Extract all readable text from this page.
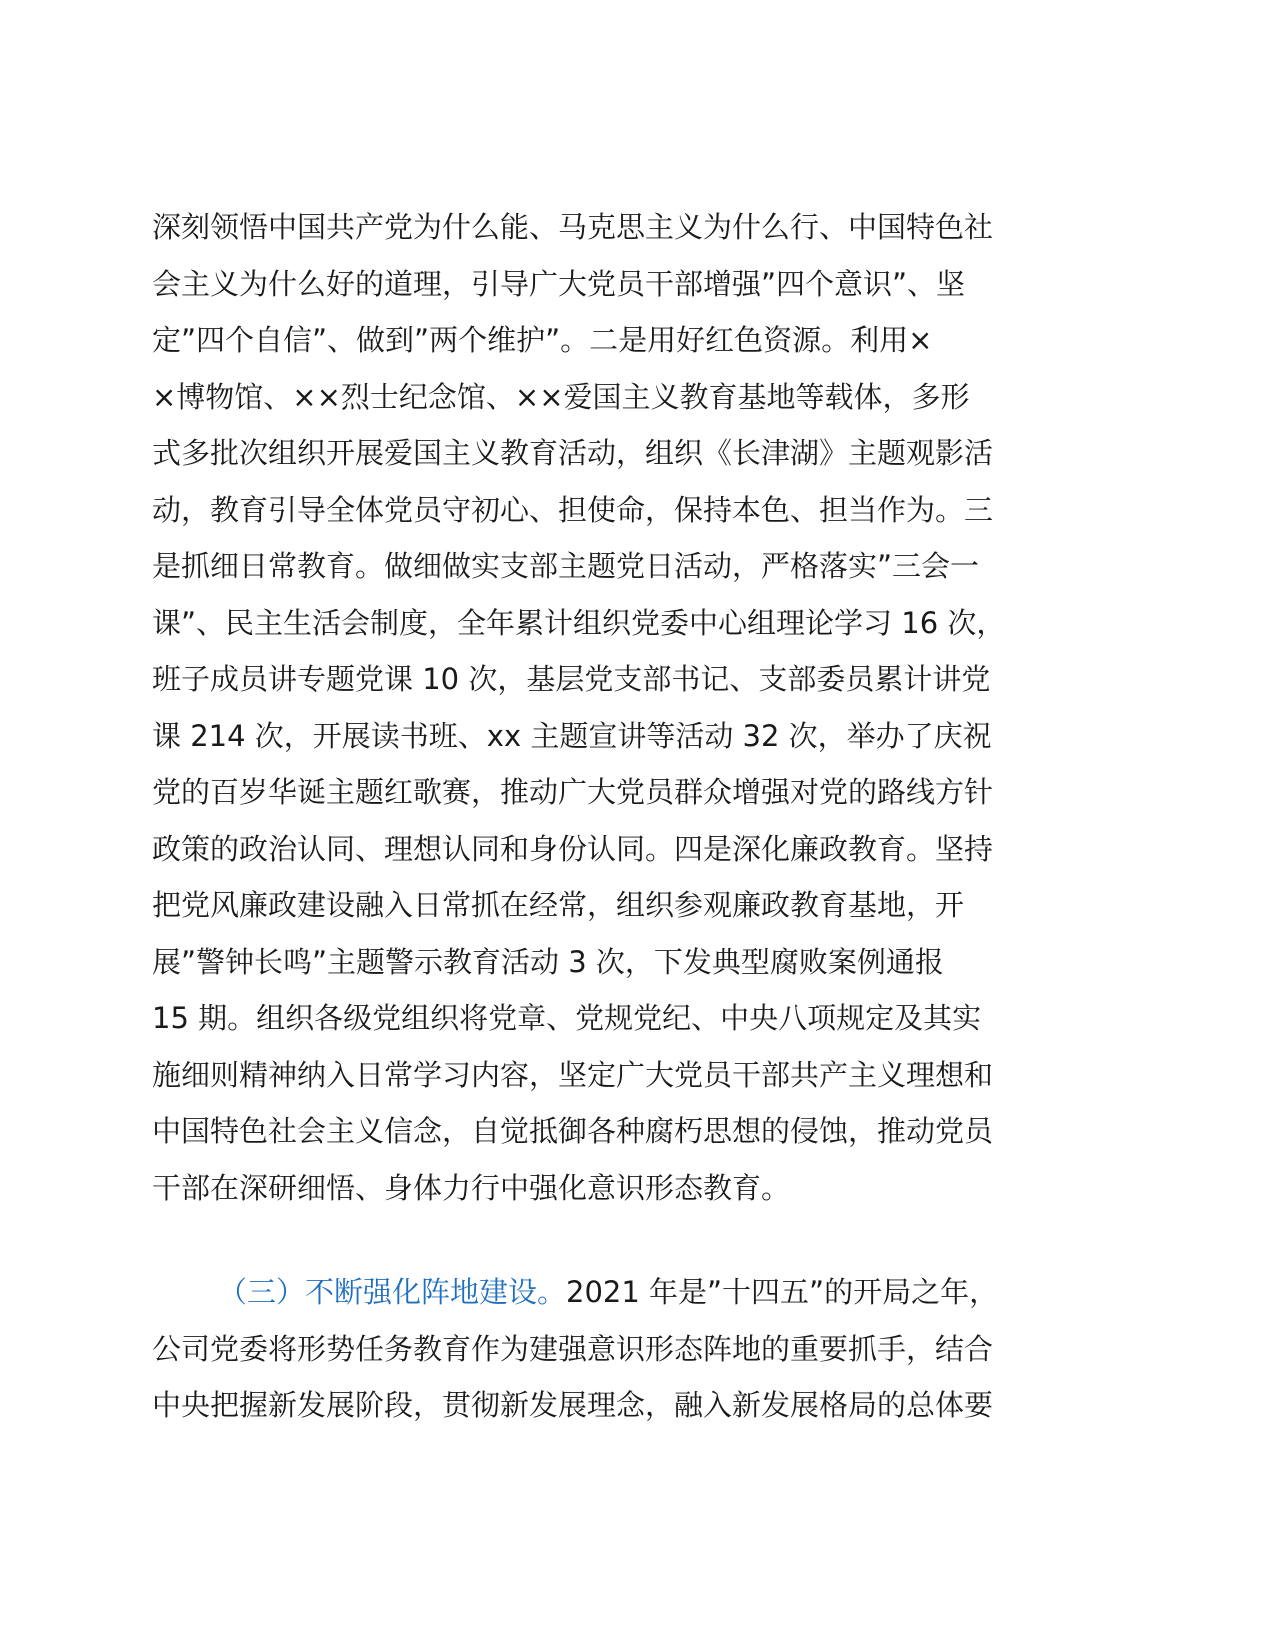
深刻领悟中国共产党为什么能、马克思主义为什么行、中国特色社
会主义为什么好的道理，引导广大党员干部增强”四个意识”、坚
定”四个自信”、做到”两个维护”。二是用好红色资源。利用×
×博物馆、××烈士纪念馆、××爱国主义教育基地等载体，多形
式多批次组织开展爱国主义教育活动，组织《长津湖》主题观影活
动，教育引导全体党员守初心、担使命，保持本色、担当作为。三
是抓细日常教育。做细做实支部主题党日活动，严格落实”三会一
课”、民主生活会制度，全年累计组织党委中心组理论学习 16 次，
班子成员讲专题党课 10 次，基层党支部书记、支部委员累计讲党
课 214 次，开展读书班、xx 主题宣讲等活动 32 次，举办了庆祝
党的百岁华诞主题红歌赛，推动广大党员群众增强对党的路线方针
政策的政治认同、理想认同和身份认同。四是深化廉政教育。坚持
把党风廉政建设融入日常抓在经常，组织参观廉政教育基地，开
展”警钟长鸣”主题警示教育活动 3 次，下发典型腐败案例通报
15 期。组织各级党组织将党章、党规党纪、中央八项规定及其实
施细则精神纳入日常学习内容，坚定广大党员干部共产主义理想和
中国特色社会主义信念，自觉抵御各种腐朽思想的侵蚀，推动党员
干部在深研细悟、身体力行中强化意识形态教育。
（三）不断强化阵地建设。2021 年是”十四五”的开局之年，
公司党委将形势任务教育作为建强意识形态阵地的重要抓手，结合
中央把握新发展阶段，贯彻新发展理念，融入新发展格局的总体要
